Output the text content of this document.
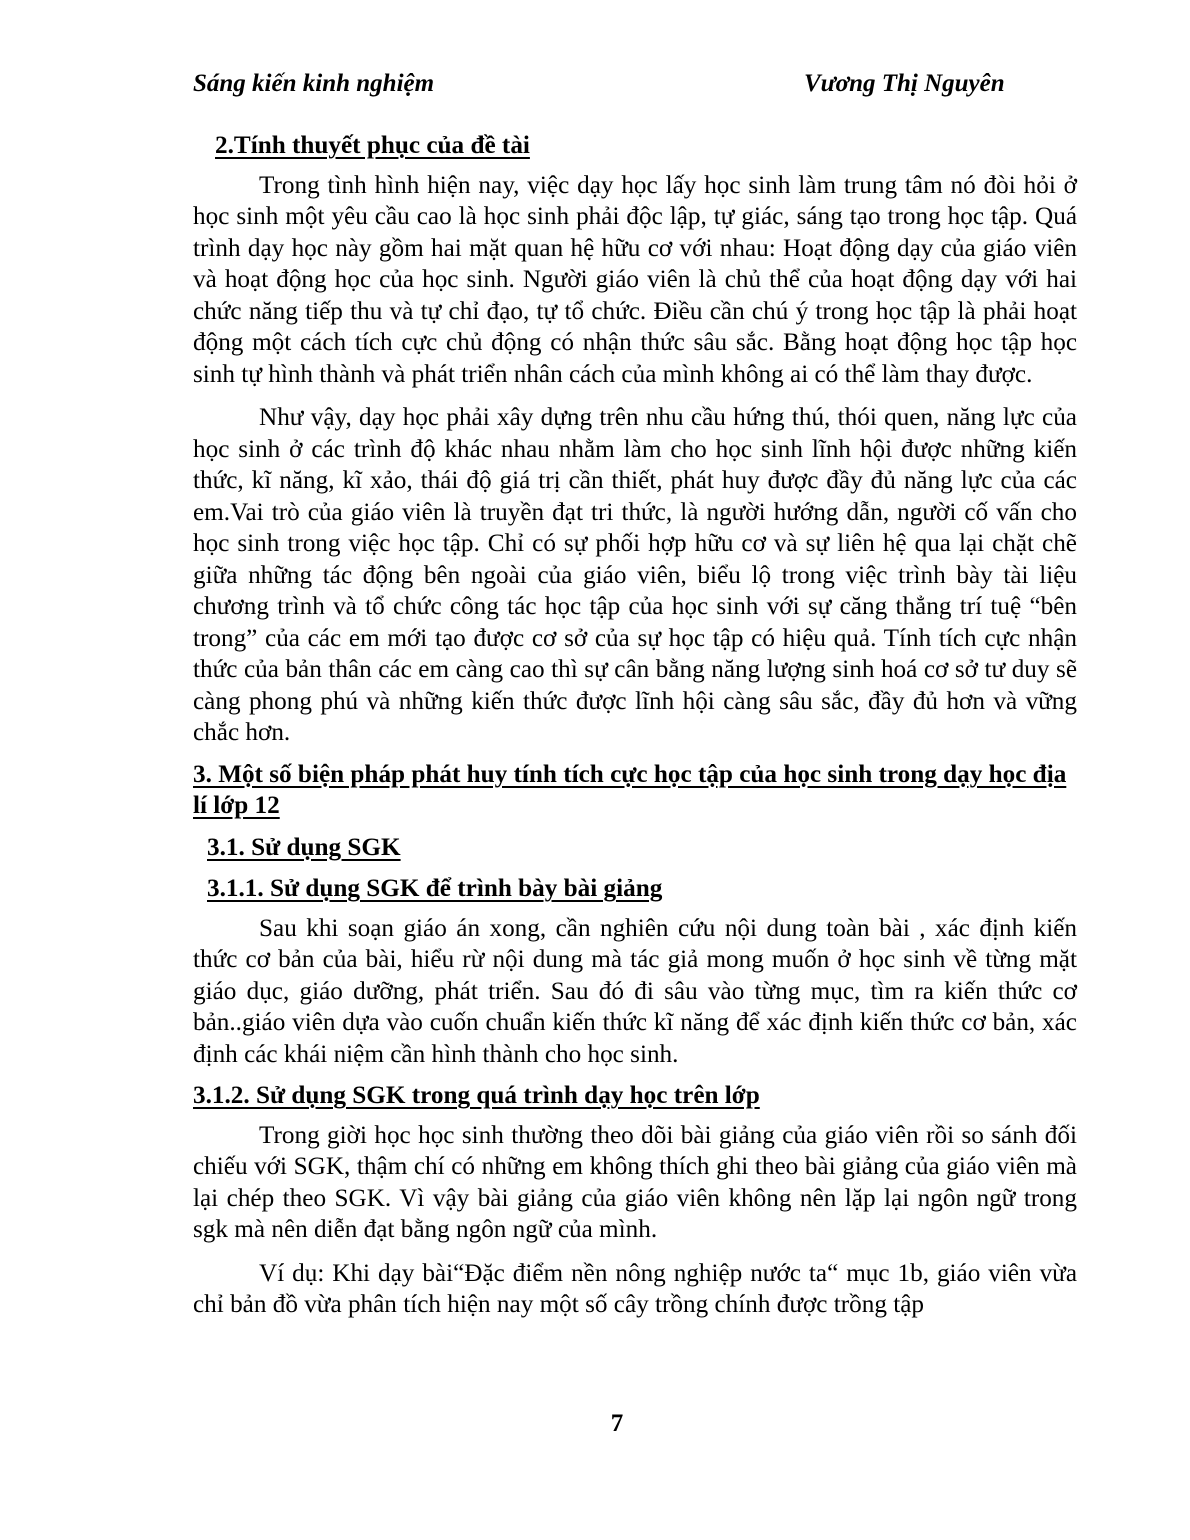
Sáng kiến kinh nghiệm	Vương Thị Nguyên
2.Tính thuyết phục của đề tài

Trong tình hình hiện nay, việc dạy học lấy học sinh làm trung tâm nó đòi hỏi ở học sinh một yêu cầu cao là học sinh phải độc lập, tự giác, sáng tạo trong học tập. Quá trình dạy học này gồm hai mặt quan hệ hữu cơ với nhau: Hoạt động dạy của giáo viên và hoạt động học của học sinh. Người giáo viên là chủ thể của hoạt động dạy với hai chức năng tiếp thu và tự chỉ đạo, tự tổ chức. Điều cần chú ý trong học tập là phải hoạt động một cách tích cực chủ động có nhận thức sâu sắc. Bằng hoạt động học tập học sinh tự hình thành và phát triển nhân cách của mình không ai có thể làm thay được.

Như vậy, dạy học phải xây dựng trên nhu cầu hứng thú, thói quen, năng lực của học sinh ở các trình độ khác nhau nhằm làm cho học sinh lĩnh hội được những kiến thức, kĩ năng, kĩ xảo, thái độ giá trị cần thiết, phát huy được đầy đủ năng lực của các em.Vai trò của giáo viên là truyền đạt tri thức, là người hướng dẫn, người cố vấn cho học sinh trong việc học tập. Chỉ có sự phối hợp hữu cơ và sự liên hệ qua lại chặt chẽ giữa những tác động bên ngoài của giáo viên, biểu lộ trong việc trình bày tài liệu chương trình và tổ chức công tác học tập của học sinh với sự căng thẳng trí tuệ “bên trong” của các em mới tạo được cơ sở của sự học tập có hiệu quả. Tính tích cực nhận thức của bản thân các em càng cao thì sự cân bằng năng lượng sinh hoá cơ sở tư duy sẽ càng phong phú và những kiến thức được lĩnh hội càng sâu sắc, đầy đủ hơn và vững chắc hơn.

3. Một số biện pháp phát huy tính tích cực học tập của học sinh trong dạy học địa lí lớp 12
3.1. Sử dụng SGK
3.1.1. Sử dụng SGK để trình bày bài giảng

Sau khi soạn giáo án xong, cần nghiên cứu nội dung toàn bài , xác định kiến thức cơ bản của bài, hiểu rừ nội dung mà tác giả mong muốn ở học sinh về từng mặt giáo dục, giáo dưỡng, phát triển. Sau đó đi sâu vào từng mục, tìm ra kiến thức cơ bản..giáo viên dựa vào cuốn chuẩn kiến thức kĩ năng để xác định kiến thức cơ bản, xác định các khái niệm cần hình thành cho học sinh.

3.1.2. Sử dụng SGK trong quá trình dạy học trên lớp

Trong giời học học sinh thường theo dõi bài giảng của giáo viên rồi so sánh đối chiếu với SGK, thậm chí có những em không thích ghi theo bài giảng của giáo viên mà lại chép theo SGK. Vì vậy bài giảng của giáo viên không nên lặp lại ngôn ngữ trong sgk mà nên diễn đạt bằng ngôn ngữ của mình.

Ví dụ: Khi dạy bài“Đặc điểm nền nông nghiệp nước ta“ mục 1b, giáo viên vừa chỉ bản đồ vừa phân tích hiện nay một số cây trồng chính được trồng tập

7
